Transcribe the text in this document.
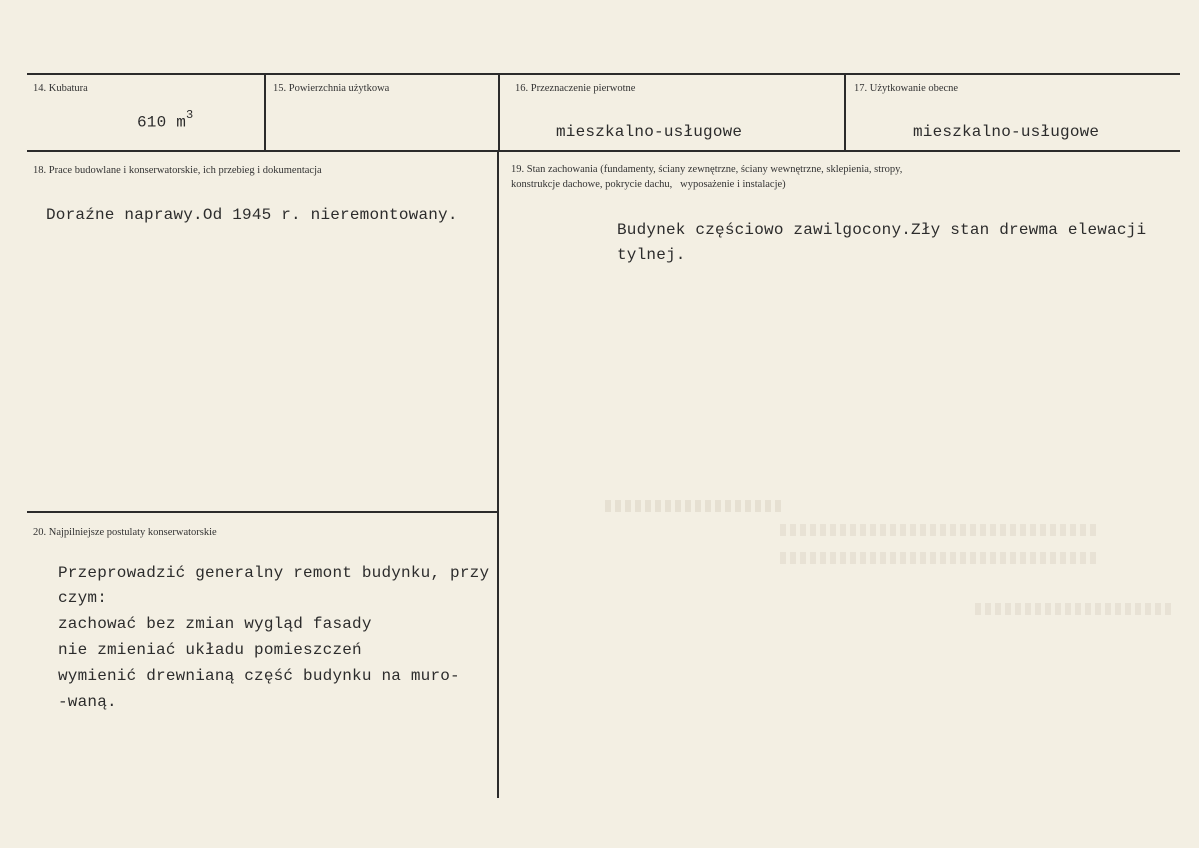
14. Kubatura
610 $m^3$
15. Powierzchnia użytkowa	16. Przeznaczenie pierwotne
mieszkalno-usługowe
17. Użytkowanie obecne
mieszkalno-usługowe
18. Prace budowlane i konserwatorskie, ich przebieg i dokumentacja
Doraźne naprawy.Od 1945 r. nieremontowany.
19. Stan zachowania (fundamenty, ściany zewnętrzne, ściany wewnętrzne, sklepienia, stropy,
konstrukcje dachowe, pokrycie dachu,   wyposażenie i instalacje)
Budynek częściowo zawilgocony.Zły stan drewma elewacji
tylnej.
20. Najpilniejsze postulaty konserwatorskie
Przeprowadzić generalny remont budynku, przy
czym:
zachować bez zmian wygląd fasady
nie zmieniać układu pomieszczeń
wymienić drewnianą część budynku na muro-
-waną.
